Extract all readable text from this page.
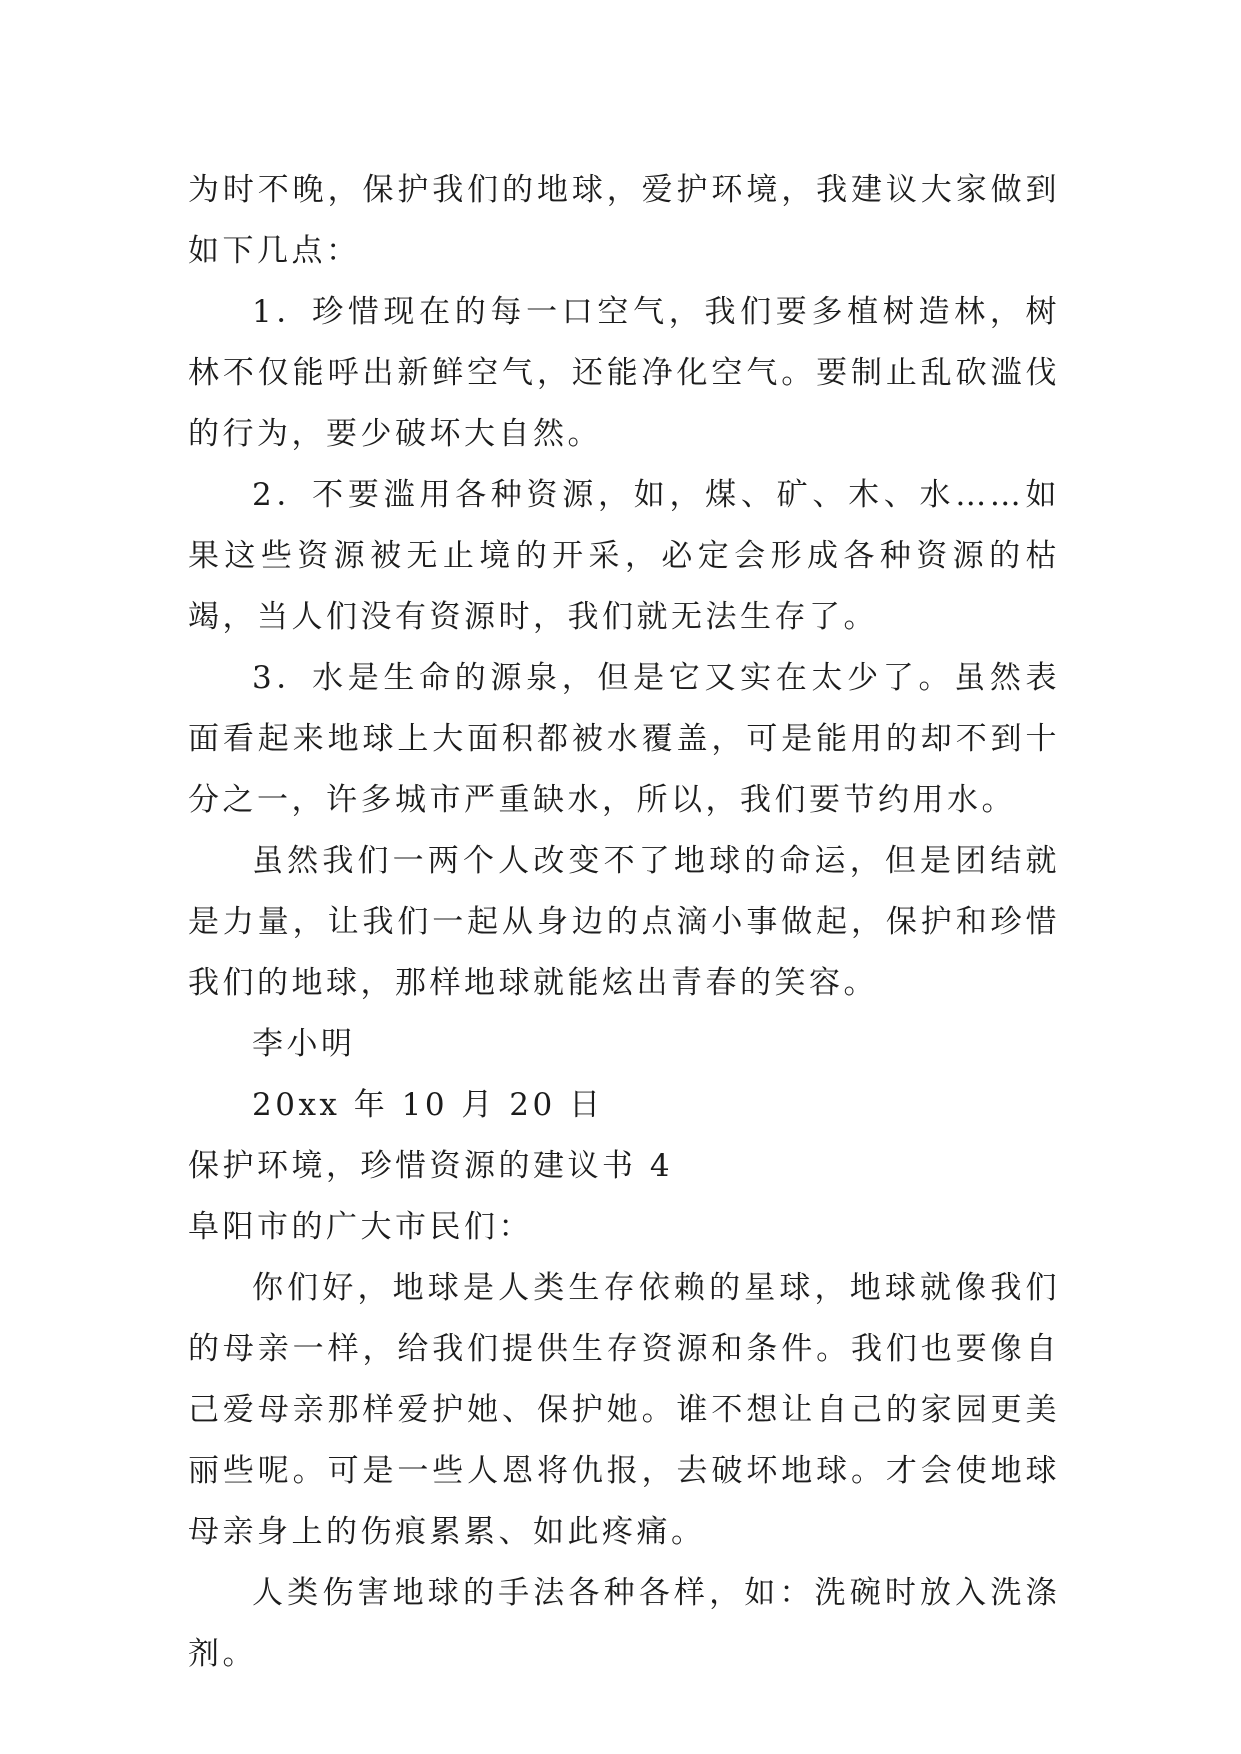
为时不晚，保护我们的地球，爱护环境，我建议大家做到如下几点：

1．珍惜现在的每一口空气，我们要多植树造林，树林不仅能呼出新鲜空气，还能净化空气。要制止乱砍滥伐的行为，要少破坏大自然。

2．不要滥用各种资源，如，煤、矿、木、水……如果这些资源被无止境的开采，必定会形成各种资源的枯竭，当人们没有资源时，我们就无法生存了。

3．水是生命的源泉，但是它又实在太少了。虽然表面看起来地球上大面积都被水覆盖，可是能用的却不到十分之一，许多城市严重缺水，所以，我们要节约用水。

虽然我们一两个人改变不了地球的命运，但是团结就是力量，让我们一起从身边的点滴小事做起，保护和珍惜我们的地球，那样地球就能炫出青春的笑容。

李小明

20xx 年 10 月 20 日

保护环境，珍惜资源的建议书 4

阜阳市的广大市民们：

你们好，地球是人类生存依赖的星球，地球就像我们的母亲一样，给我们提供生存资源和条件。我们也要像自己爱母亲那样爱护她、保护她。谁不想让自己的家园更美丽些呢。可是一些人恩将仇报，去破坏地球。才会使地球母亲身上的伤痕累累、如此疼痛。

人类伤害地球的手法各种各样，如：洗碗时放入洗涤剂。
